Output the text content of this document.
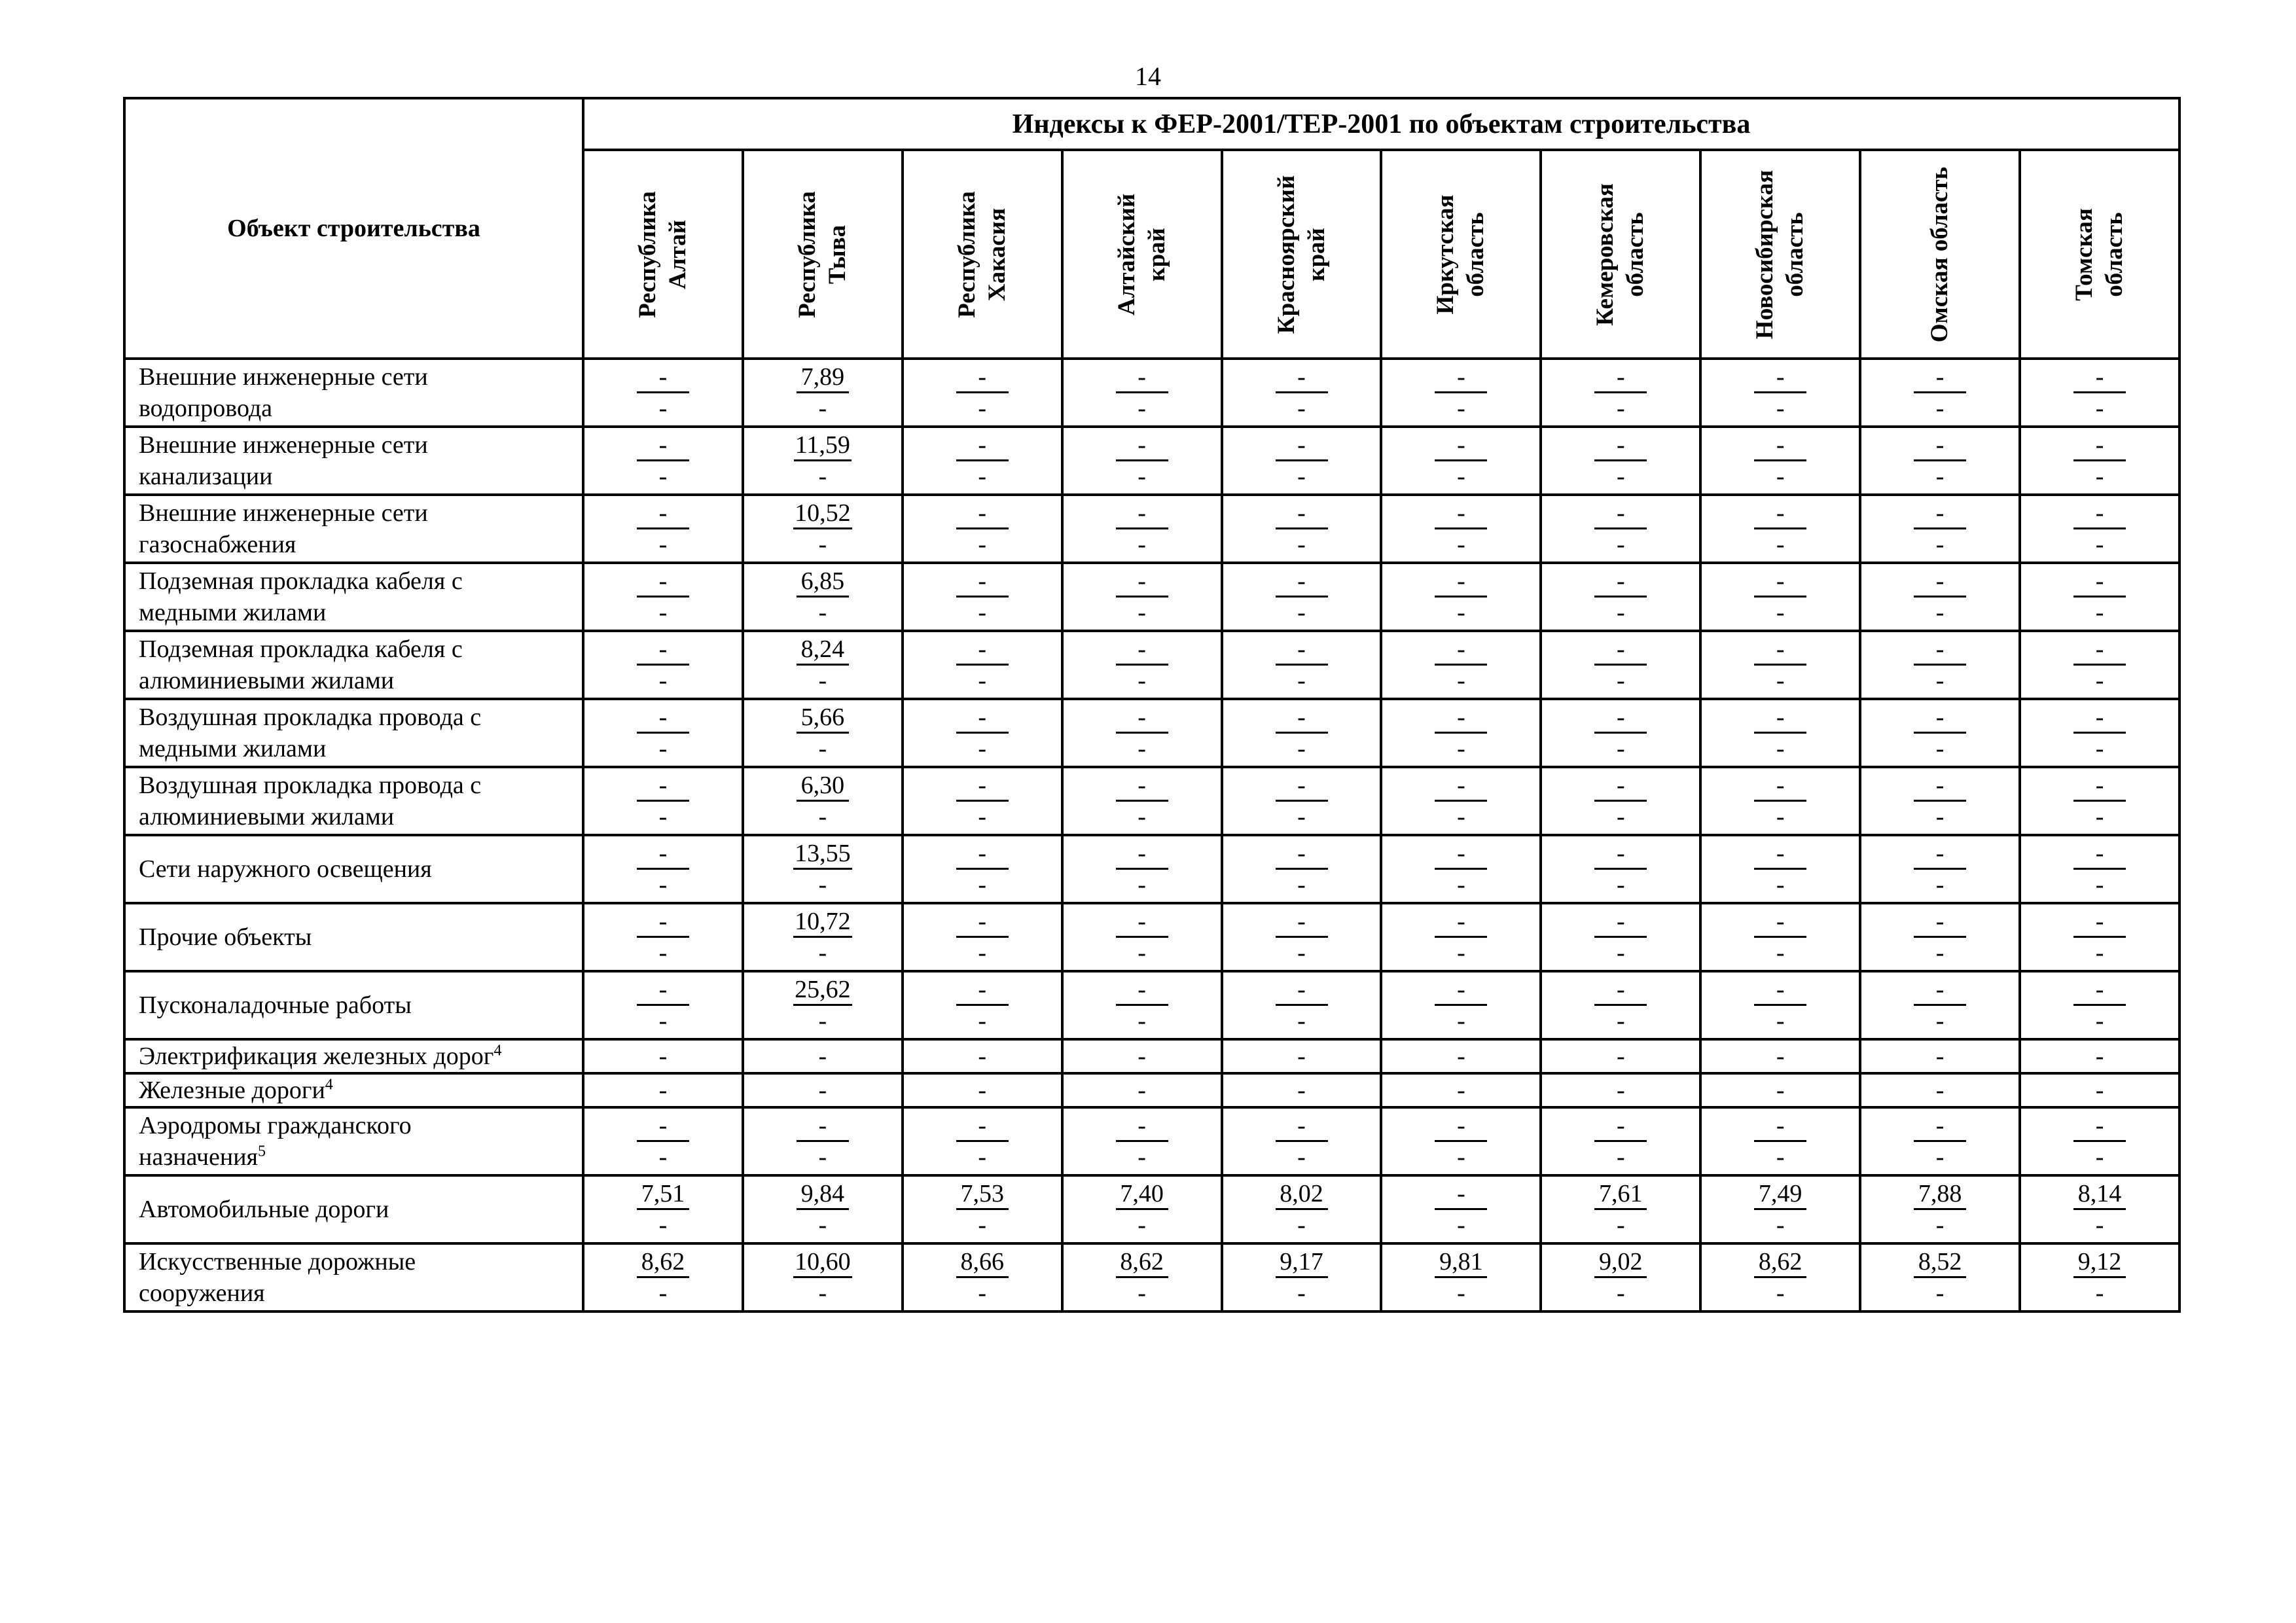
14
Объект строительства	Индексы к ФЕР-2001/ТЕР-2001 по объектам строительства									

	Республика Алтай	Республика Тыва	Республика Хакасия	Алтайский край	Красноярский край	Иркутская область	Кемеровская область	Новосибирская область	Омская область	Томская область

Внешние инженерные сети
водопровода	$\frac{-}{-}$	$\frac{7,89}{-}$	$\frac{-}{-}$	$\frac{-}{-}$	$\frac{-}{-}$	$\frac{-}{-}$	$\frac{-}{-}$	$\frac{-}{-}$	$\frac{-}{-}$	$\frac{-}{-}$

Внешние инженерные сети
канализации	$\frac{-}{-}$	$\frac{11,59}{-}$	$\frac{-}{-}$	$\frac{-}{-}$	$\frac{-}{-}$	$\frac{-}{-}$	$\frac{-}{-}$	$\frac{-}{-}$	$\frac{-}{-}$	$\frac{-}{-}$

Внешние инженерные сети
газоснабжения	$\frac{-}{-}$	$\frac{10,52}{-}$	$\frac{-}{-}$	$\frac{-}{-}$	$\frac{-}{-}$	$\frac{-}{-}$	$\frac{-}{-}$	$\frac{-}{-}$	$\frac{-}{-}$	$\frac{-}{-}$

Подземная прокладка кабеля с
медными жилами	$\frac{-}{-}$	$\frac{6,85}{-}$	$\frac{-}{-}$	$\frac{-}{-}$	$\frac{-}{-}$	$\frac{-}{-}$	$\frac{-}{-}$	$\frac{-}{-}$	$\frac{-}{-}$	$\frac{-}{-}$

Подземная прокладка кабеля с
алюминиевыми жилами	$\frac{-}{-}$	$\frac{8,24}{-}$	$\frac{-}{-}$	$\frac{-}{-}$	$\frac{-}{-}$	$\frac{-}{-}$	$\frac{-}{-}$	$\frac{-}{-}$	$\frac{-}{-}$	$\frac{-}{-}$

Воздушная прокладка провода с
медными жилами	$\frac{-}{-}$	$\frac{5,66}{-}$	$\frac{-}{-}$	$\frac{-}{-}$	$\frac{-}{-}$	$\frac{-}{-}$	$\frac{-}{-}$	$\frac{-}{-}$	$\frac{-}{-}$	$\frac{-}{-}$

Воздушная прокладка провода с
алюминиевыми жилами	$\frac{-}{-}$	$\frac{6,30}{-}$	$\frac{-}{-}$	$\frac{-}{-}$	$\frac{-}{-}$	$\frac{-}{-}$	$\frac{-}{-}$	$\frac{-}{-}$	$\frac{-}{-}$	$\frac{-}{-}$

Сети наружного освещения	$\frac{-}{-}$	$\frac{13,55}{-}$	$\frac{-}{-}$	$\frac{-}{-}$	$\frac{-}{-}$	$\frac{-}{-}$	$\frac{-}{-}$	$\frac{-}{-}$	$\frac{-}{-}$	$\frac{-}{-}$

Прочие объекты	$\frac{-}{-}$	$\frac{10,72}{-}$	$\frac{-}{-}$	$\frac{-}{-}$	$\frac{-}{-}$	$\frac{-}{-}$	$\frac{-}{-}$	$\frac{-}{-}$	$\frac{-}{-}$	$\frac{-}{-}$

Пусконаладочные работы	$\frac{-}{-}$	$\frac{25,62}{-}$	$\frac{-}{-}$	$\frac{-}{-}$	$\frac{-}{-}$	$\frac{-}{-}$	$\frac{-}{-}$	$\frac{-}{-}$	$\frac{-}{-}$	$\frac{-}{-}$

Электрификация железных дорог$^4$	-	-	-	-	-	-	-	-	-	-
Железные дороги$^4$	-	-	-	-	-	-	-	-	-	-
Аэродромы гражданского
назначения$^5$	$\frac{-}{-}$	$\frac{-}{-}$	$\frac{-}{-}$	$\frac{-}{-}$	$\frac{-}{-}$	$\frac{-}{-}$	$\frac{-}{-}$	$\frac{-}{-}$	$\frac{-}{-}$	$\frac{-}{-}$

Автомобильные дороги	$\frac{7,51}{-}$	$\frac{9,84}{-}$	$\frac{7,53}{-}$	$\frac{7,40}{-}$	$\frac{8,02}{-}$	$\frac{-}{-}$	$\frac{7,61}{-}$	$\frac{7,49}{-}$	$\frac{7,88}{-}$	$\frac{8,14}{-}$

Искусственные дорожные
сооружения	$\frac{8,62}{-}$	$\frac{10,60}{-}$	$\frac{8,66}{-}$	$\frac{8,62}{-}$	$\frac{9,17}{-}$	$\frac{9,81}{-}$	$\frac{9,02}{-}$	$\frac{8,62}{-}$	$\frac{8,52}{-}$	$\frac{9,12}{-}$
